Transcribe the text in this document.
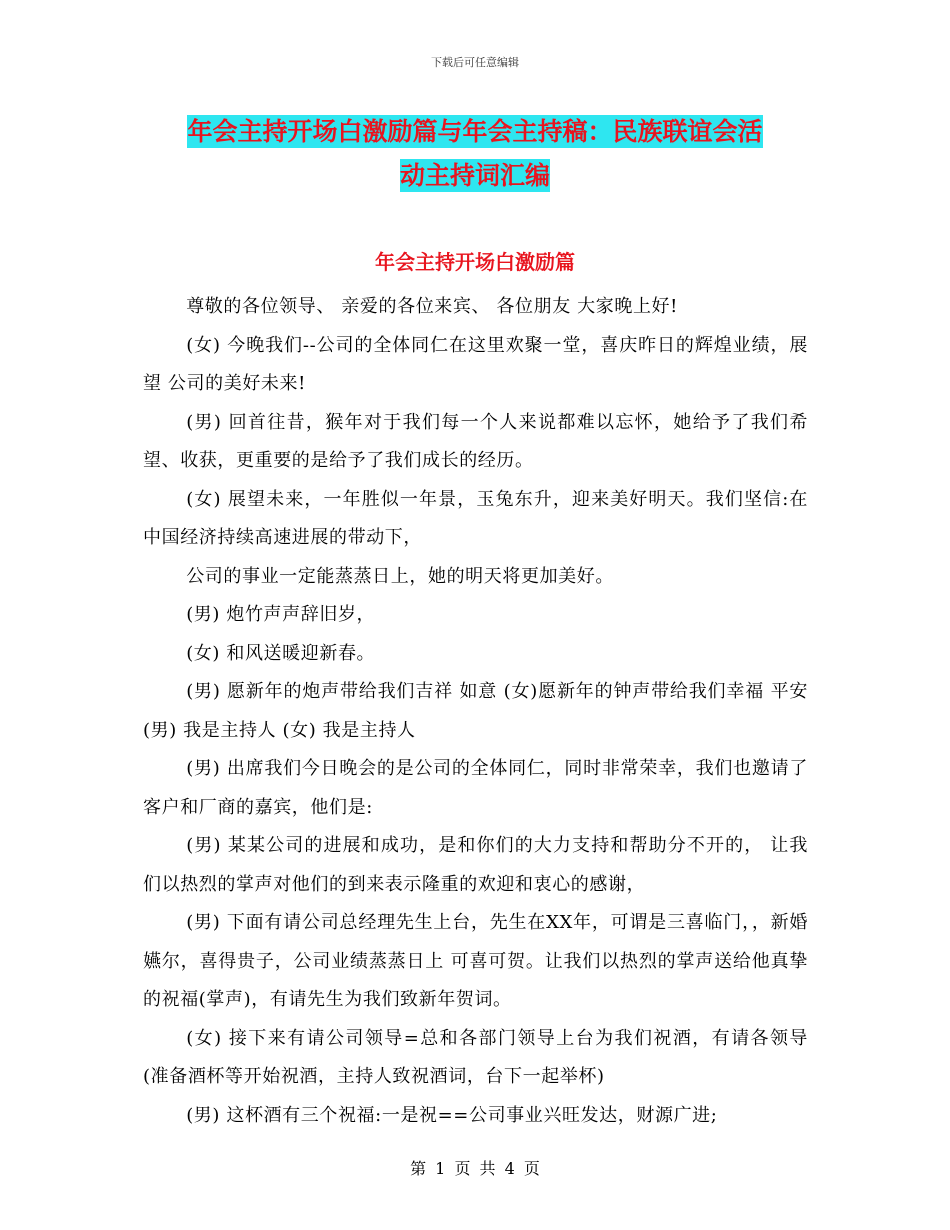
下载后可任意编辑
年会主持开场白激励篇与年会主持稿：民族联谊会活
动主持词汇编
年会主持开场白激励篇

尊敬的各位领导、 亲爱的各位来宾、 各位朋友 大家晚上好!

(女) 今晚我们--公司的全体同仁在这里欢聚一堂，喜庆昨日的辉煌业绩，展望 公司的美好未来!

(男) 回首往昔，猴年对于我们每一个人来说都难以忘怀，她给予了我们希望、收获，更重要的是给予了我们成长的经历。

(女) 展望未来，一年胜似一年景，玉兔东升，迎来美好明天。我们坚信:在中国经济持续高速进展的带动下，

公司的事业一定能蒸蒸日上，她的明天将更加美好。

(男) 炮竹声声辞旧岁，

(女) 和风送暖迎新春。

(男) 愿新年的炮声带给我们吉祥 如意 (女)愿新年的钟声带给我们幸福 平安 (男) 我是主持人 (女) 我是主持人

(男) 出席我们今日晚会的是公司的全体同仁，同时非常荣幸，我们也邀请了客户和厂商的嘉宾，他们是:

(男) 某某公司的进展和成功，是和你们的大力支持和帮助分不开的， 让我们以热烈的掌声对他们的到来表示隆重的欢迎和衷心的感谢，

(男) 下面有请公司总经理先生上台，先生在XX年，可谓是三喜临门，，新婚嬿尔，喜得贵子，公司业绩蒸蒸日上 可喜可贺。让我们以热烈的掌声送给他真挚的祝福(掌声)，有请先生为我们致新年贺词。

(女) 接下来有请公司领导=总和各部门领导上台为我们祝酒，有请各领导 (准备酒杯等开始祝酒，主持人致祝酒词，台下一起举杯)

(男) 这杯酒有三个祝福:一是祝==公司事业兴旺发达，财源广进;

第 1 页 共 4 页
